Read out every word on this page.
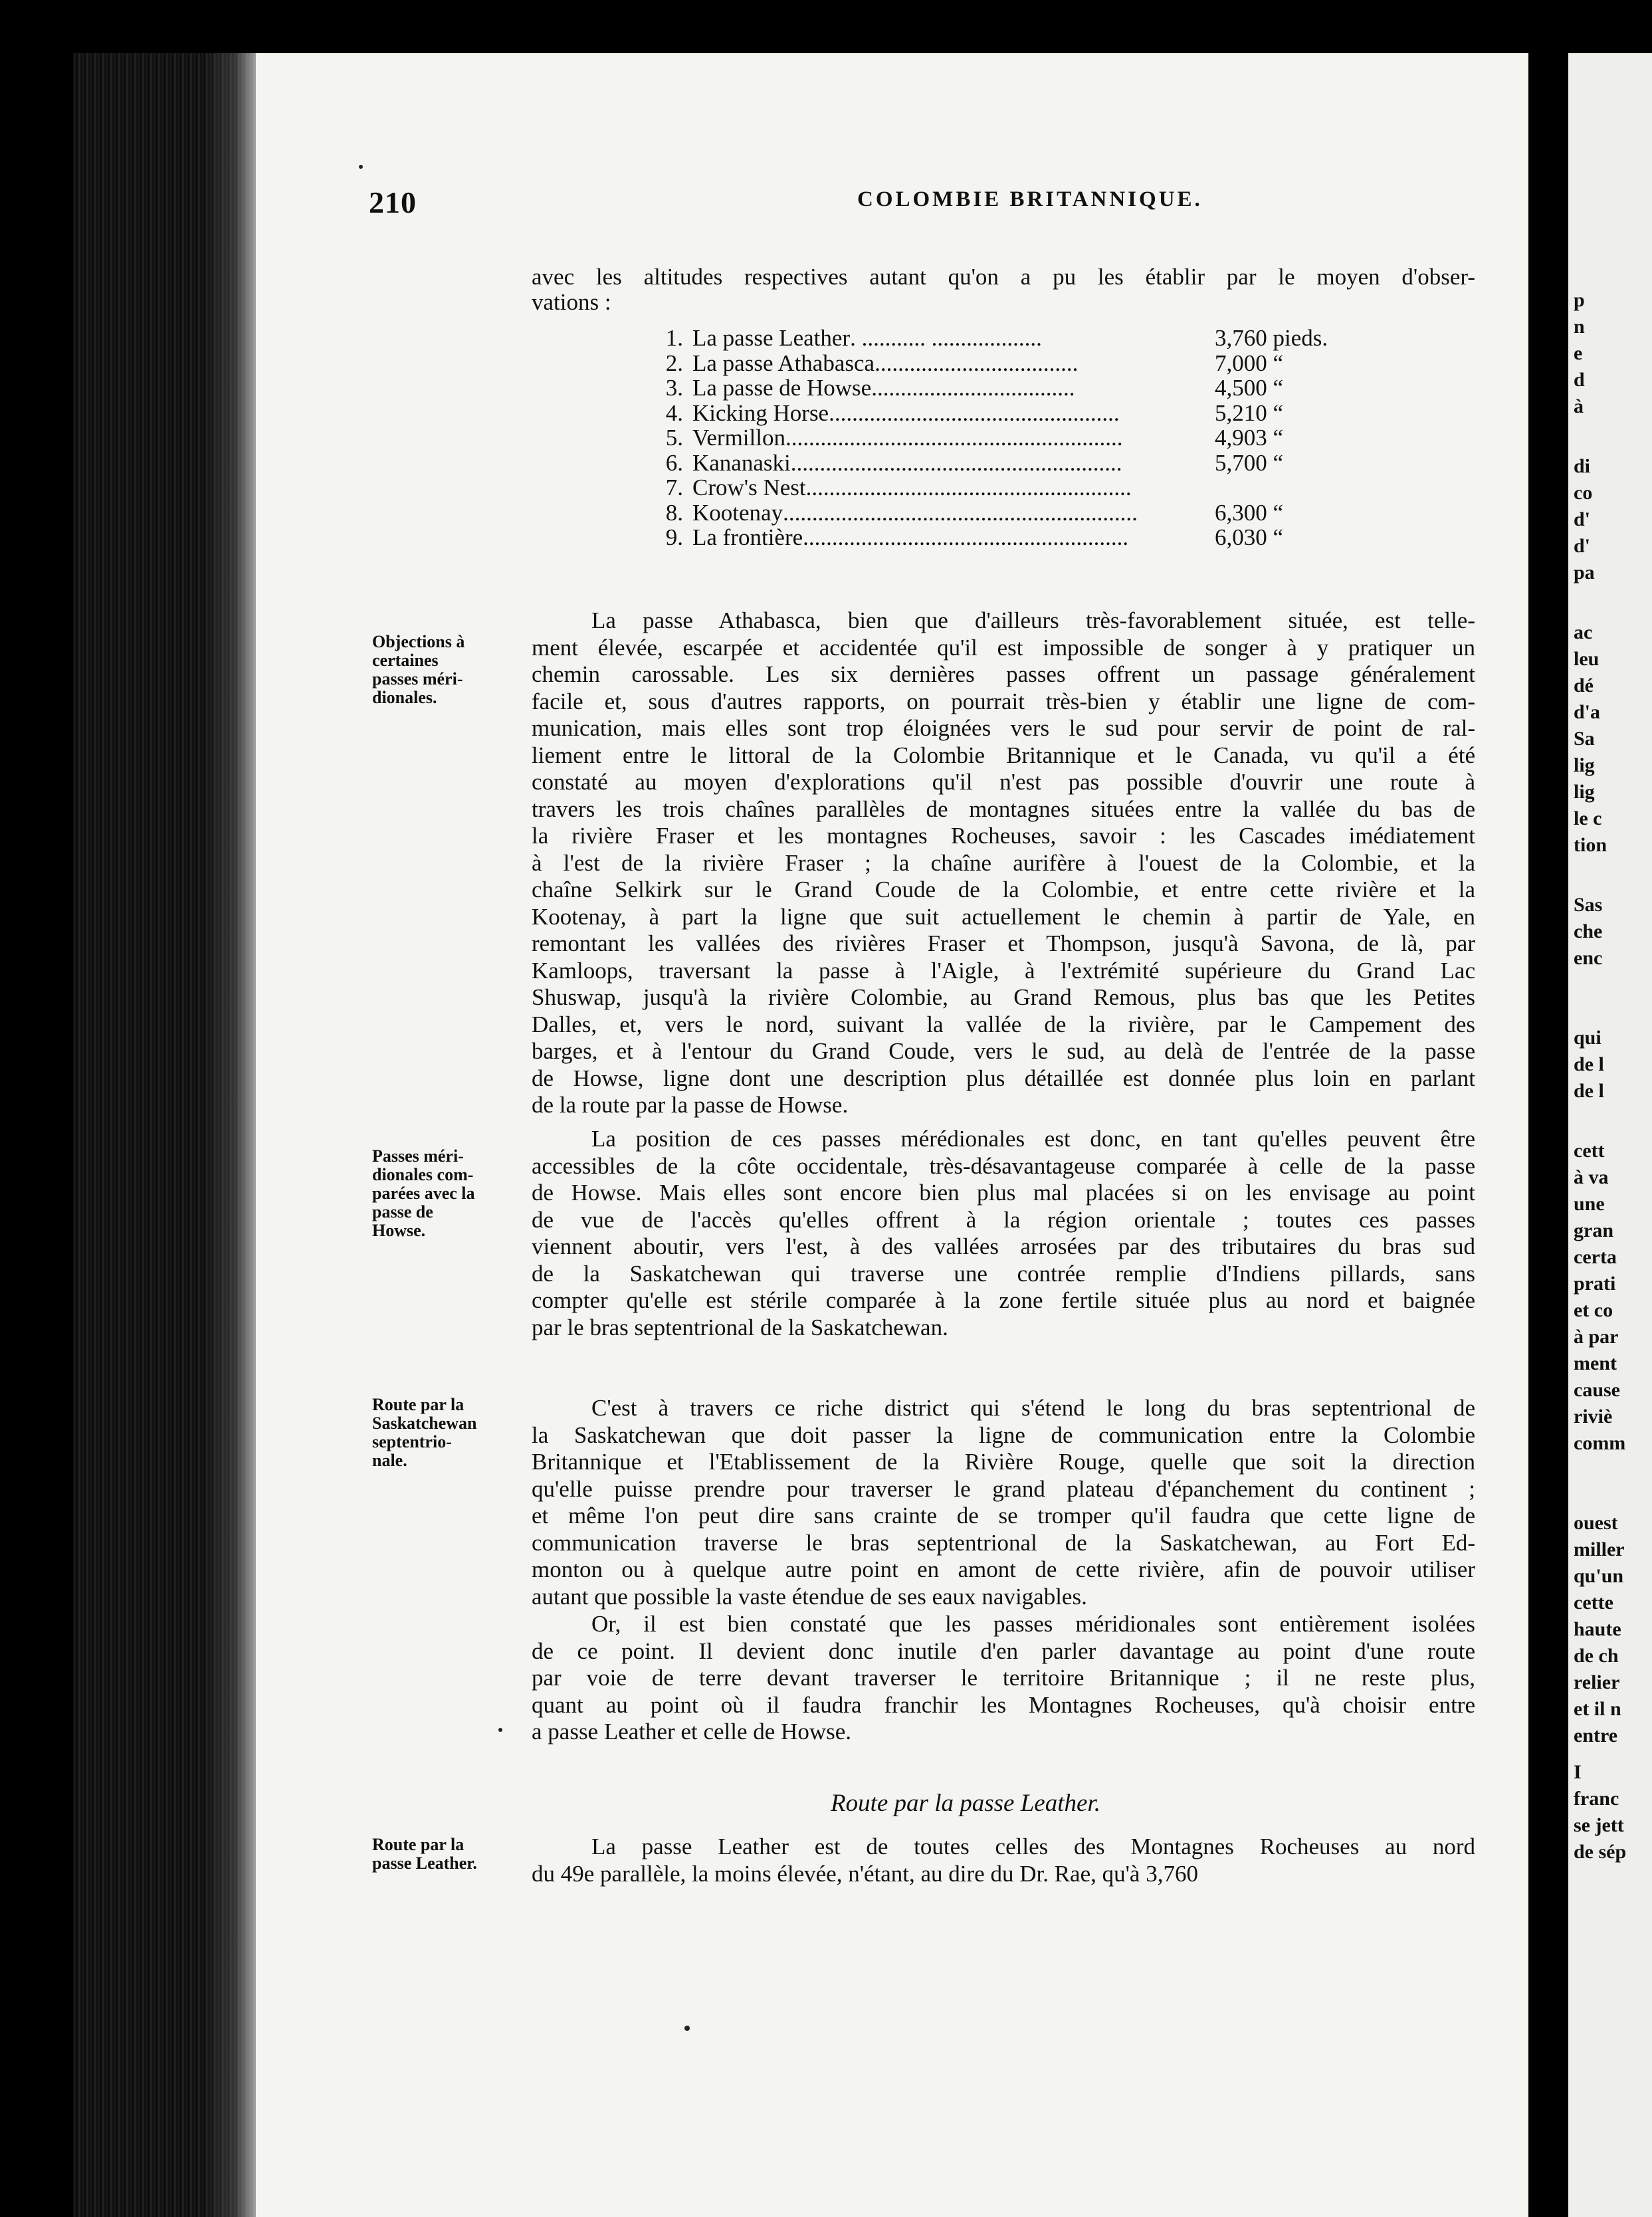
210	COLOMBIE BRITANNIQUE.
avec les altitudes respectives autant qu'on a pu les établir par le moyen d'obser-
vations :
1. La passe Leather. ........... ...................	3,760 pieds.
2. La passe Athabasca...................................	7,000 “
3. La passe de Howse...................................	4,500 “
4. Kicking Horse..................................................	5,210 “
5. Vermillon..........................................................	4,903 “
6. Kananaski.........................................................	5,700 “
7. Crow's Nest........................................................
8. Kootenay.............................................................	6,300 “
9. La frontière........................................................	6,030 “
Objections à
certaines
passes méri-
dionales.
Passes méri-
dionales com-
parées avec la
passe de
Howse.
Route par la
Saskatchewan
septentrio-
nale.
Route par la
passe Leather.
La passe Athabasca, bien que d'ailleurs très-favorablement située, est telle-
ment élevée, escarpée et accidentée qu'il est impossible de songer à y pratiquer un
chemin carossable. Les six dernières passes offrent un passage généralement
facile et, sous d'autres rapports, on pourrait très-bien y établir une ligne de com-
munication, mais elles sont trop éloignées vers le sud pour servir de point de ral-
liement entre le littoral de la Colombie Britannique et le Canada, vu qu'il a été
constaté au moyen d'explorations qu'il n'est pas possible d'ouvrir une route à
travers les trois chaînes parallèles de montagnes situées entre la vallée du bas de
la rivière Fraser et les montagnes Rocheuses, savoir : les Cascades imédiatement
à l'est de la rivière Fraser ; la chaîne aurifère à l'ouest de la Colombie, et la
chaîne Selkirk sur le Grand Coude de la Colombie, et entre cette rivière et la
Kootenay, à part la ligne que suit actuellement le chemin à partir de Yale, en
remontant les vallées des rivières Fraser et Thompson, jusqu'à Savona, de là, par
Kamloops, traversant la passe à l'Aigle, à l'extrémité supérieure du Grand Lac
Shuswap, jusqu'à la rivière Colombie, au Grand Remous, plus bas que les Petites
Dalles, et, vers le nord, suivant la vallée de la rivière, par le Campement des
barges, et à l'entour du Grand Coude, vers le sud, au delà de l'entrée de la passe
de Howse, ligne dont une description plus détaillée est donnée plus loin en parlant
de la route par la passe de Howse.
La position de ces passes mérédionales est donc, en tant qu'elles peuvent être
accessibles de la côte occidentale, très-désavantageuse comparée à celle de la passe
de Howse. Mais elles sont encore bien plus mal placées si on les envisage au point
de vue de l'accès qu'elles offrent à la région orientale ; toutes ces passes
viennent aboutir, vers l'est, à des vallées arrosées par des tributaires du bras sud
de la Saskatchewan qui traverse une contrée remplie d'Indiens pillards, sans
compter qu'elle est stérile comparée à la zone fertile située plus au nord et baignée
par le bras septentrional de la Saskatchewan.
C'est à travers ce riche district qui s'étend le long du bras septentrional de
la Saskatchewan que doit passer la ligne de communication entre la Colombie
Britannique et l'Etablissement de la Rivière Rouge, quelle que soit la direction
qu'elle puisse prendre pour traverser le grand plateau d'épanchement du continent ;
et même l'on peut dire sans crainte de se tromper qu'il faudra que cette ligne de
communication traverse le bras septentrional de la Saskatchewan, au Fort Ed-
monton ou à quelque autre point en amont de cette rivière, afin de pouvoir utiliser
autant que possible la vaste étendue de ses eaux navigables.
Or, il est bien constaté que les passes méridionales sont entièrement isolées
de ce point. Il devient donc inutile d'en parler davantage au point d'une route
par voie de terre devant traverser le territoire Britannique ; il ne reste plus,
quant au point où il faudra franchir les Montagnes Rocheuses, qu'à choisir entre
a passe Leather et celle de Howse.
Route par la passe Leather.
La passe Leather est de toutes celles des Montagnes Rocheuses au nord
du 49e parallèle, la moins élevée, n'étant, au dire du Dr. Rae, qu'à 3,760
p
n
e
d
à
di
co
d'
d'
pa
ac
leu
dé
d'a
Sa
lig
lig
le c
tion
Sas
che
enc
qui
de l
de l
cett
à va
une
gran
certa
prati
et co
à par
ment
cause
riviè
comm
ouest
miller
qu'un
cette
haute
de ch
relier
et il n
entre
I
franc
se jett
de sép
